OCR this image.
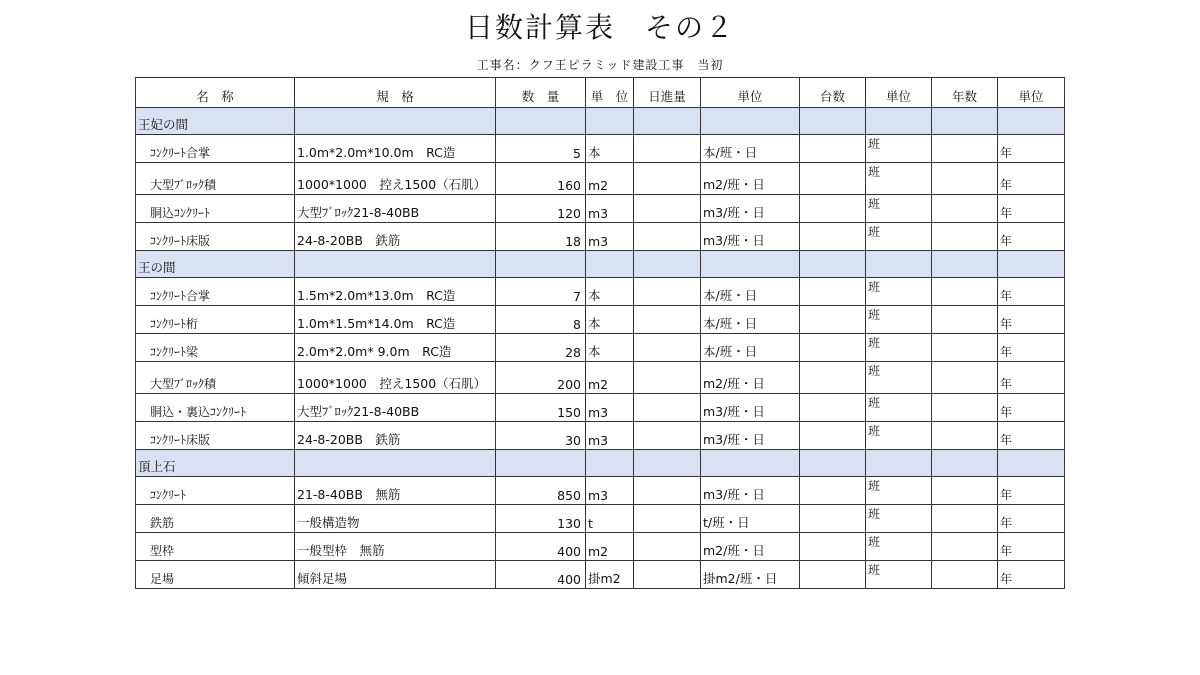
日数計算表　その２
工事名：クフ王ピラミッド建設工事　当初
名　称	規　格	数　量	単　位	日進量	単位	台数	単位	年数	単位
王妃の間									
ｺﾝｸﾘｰﾄ合掌	1.0m*2.0m*10.0m　RC造	5	本		本/班・日		班		年
大型ﾌﾞﾛｯｸ積	1000*1000　控え1500（石肌）	160	m2		m2/班・日		班		年
胴込ｺﾝｸﾘｰﾄ	大型ﾌﾞﾛｯｸ21-8-40BB	120	m3		m3/班・日		班		年
ｺﾝｸﾘｰﾄ床版	24-8-20BB　鉄筋	18	m3		m3/班・日		班		年
王の間									
ｺﾝｸﾘｰﾄ合掌	1.5m*2.0m*13.0m　RC造	7	本		本/班・日		班		年
ｺﾝｸﾘｰﾄ桁	1.0m*1.5m*14.0m　RC造	8	本		本/班・日		班		年
ｺﾝｸﾘｰﾄ梁	2.0m*2.0m* 9.0m　RC造	28	本		本/班・日		班		年
大型ﾌﾞﾛｯｸ積	1000*1000　控え1500（石肌）	200	m2		m2/班・日		班		年
胴込・裏込ｺﾝｸﾘｰﾄ	大型ﾌﾞﾛｯｸ21-8-40BB	150	m3		m3/班・日		班		年
ｺﾝｸﾘｰﾄ床版	24-8-20BB　鉄筋	30	m3		m3/班・日		班		年
頂上石									
ｺﾝｸﾘｰﾄ	21-8-40BB　無筋	850	m3		m3/班・日		班		年
鉄筋	一般構造物	130	t		t/班・日		班		年
型枠	一般型枠　無筋	400	m2		m2/班・日		班		年
足場	傾斜足場	400	掛m2		掛m2/班・日		班		年
